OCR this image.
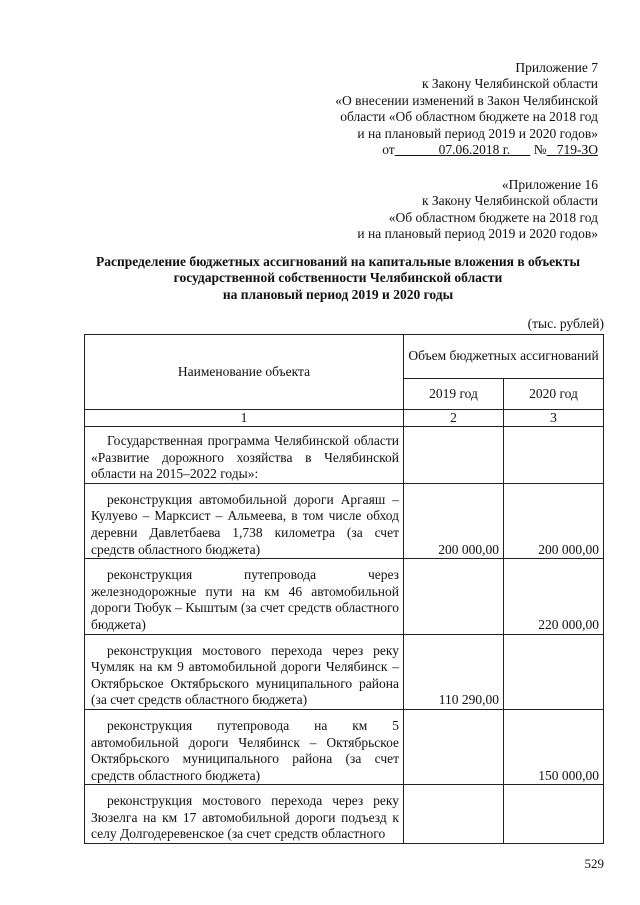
Приложение 7
к Закону Челябинской области
«О внесении изменений в Закон Челябинской
области «Об областном бюджете на 2018 год
и на плановый период 2019 и 2020 годов»
от	07.06.2018 г. № 719-ЗО
«Приложение 16
к Закону Челябинской области
«Об областном бюджете на 2018 год
и на плановый период 2019 и 2020 годов»
Распределение бюджетных ассигнований на капитальные вложения в объекты
государственной собственности Челябинской области
на плановый период 2019 и 2020 годы
(тыс. рублей)
Наименование объекта	Объем бюджетных ассигнований	
	2019 год	2020 год
1	2	3

Государственная программа Челябинской области «Развитие дорожного хозяйства в Челябинской области на 2015–2022 годы»:		

реконструкция автомобильной дороги Аргаяш – Кулуево – Марксист – Альмеева, в том числе обход деревни Давлетбаева 1,738 километра (за счет средств областного бюджета)	200 000,00	200 000,00

реконструкция путепровода через железнодорожные пути на км 46 автомобильной дороги Тюбук – Кыштым (за счет средств областного бюджета)		220 000,00

реконструкция мостового перехода через реку Чумляк на км 9 автомобильной дороги Челябинск – Октябрьское Октябрьского муниципального района (за счет средств областного бюджета)	110 290,00	

реконструкция путепровода на км 5 автомобильной дороги Челябинск – Октябрьское Октябрьского муниципального района (за счет средств областного бюджета)		150 000,00

реконструкция мостового перехода через реку Зюзелга на км 17 автомобильной дороги подъезд к селу Долгодеревенское (за счет средств областного		

529
